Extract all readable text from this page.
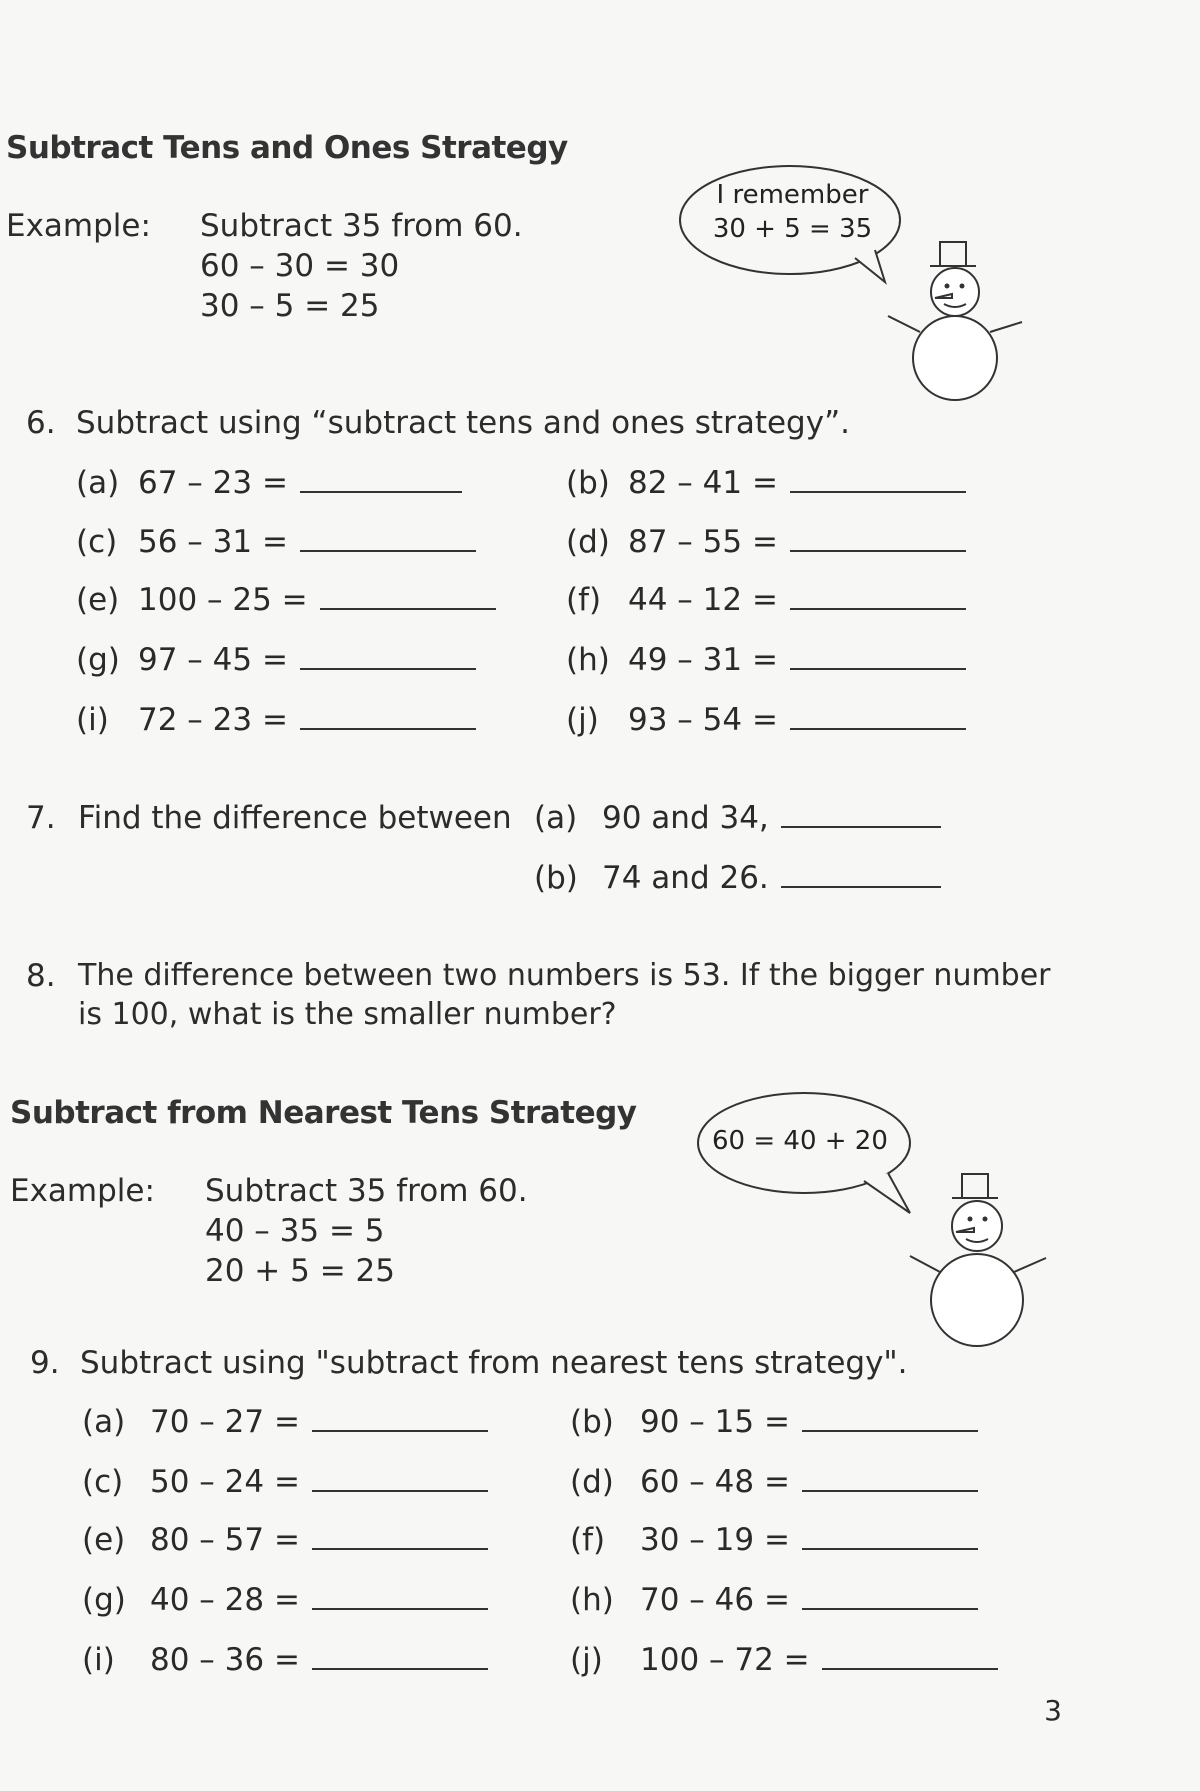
Subtract Tens and Ones Strategy
Example: Subtract 35 from 60.
60 – 30 = 30
30 – 5 = 25
I remember
30 + 5 = 35
6. Subtract using “subtract tens and ones strategy”.
(a) 67 – 23 =	(b) 82 – 41 =
(c) 56 – 31 =	(d) 87 – 55 =
(e) 100 – 25 =	(f) 44 – 12 =
(g) 97 – 45 =	(h) 49 – 31 =
(i) 72 – 23 =	(j) 93 – 54 =
7. Find the difference between (a) 90 and 34,
(b) 74 and 26.
8. The difference between two numbers is 53. If the bigger number
is 100, what is the smaller number?
Subtract from Nearest Tens Strategy
Example: Subtract 35 from 60.
40 – 35 = 5
20 + 5 = 25
60 = 40 + 20
9. Subtract using "subtract from nearest tens strategy".
(a) 70 – 27 =	(b) 90 – 15 =
(c) 50 – 24 =	(d) 60 – 48 =
(e) 80 – 57 =	(f)	30 – 19 =
(g) 40 – 28 =	(h) 70 – 46 =
(i)	80 – 36 =	(j)	100 – 72 =
3
